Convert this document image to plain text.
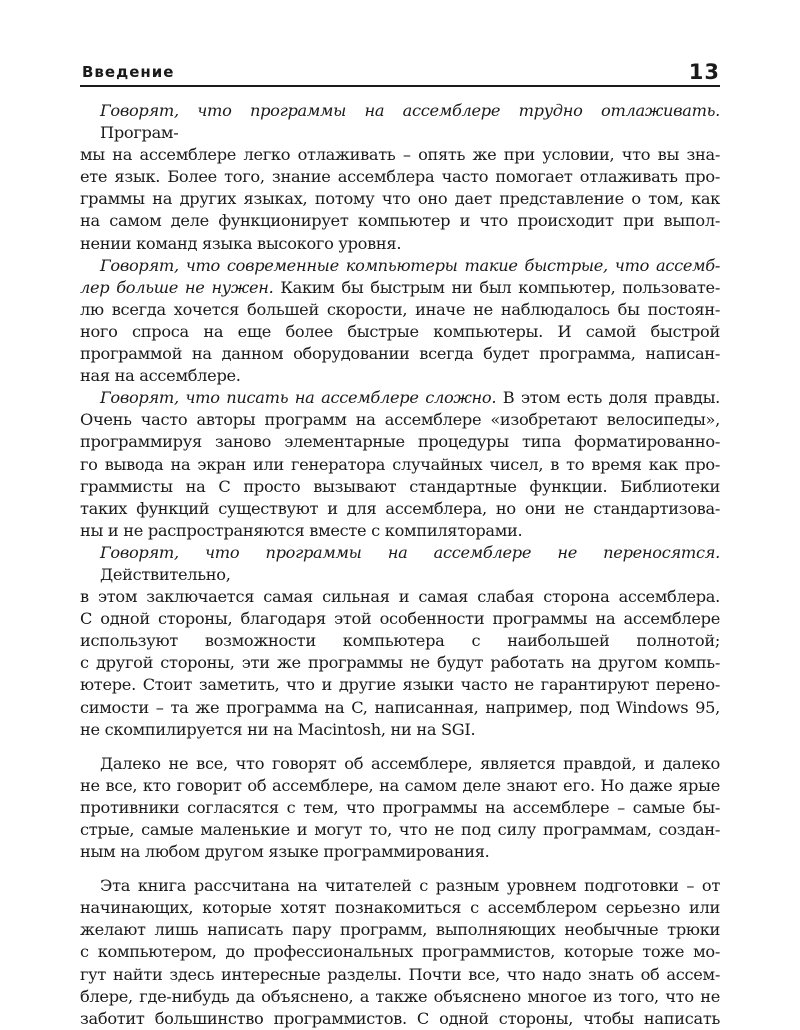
Введение	13

Говорят, что программы на ассемблере трудно отлаживать. Програм-
мы на ассемблере легко отлаживать – опять же при условии, что вы зна-
ете язык. Более того, знание ассемблера часто помогает отлаживать про-
граммы на других языках, потому что оно дает представление о том, как
на самом деле функционирует компьютер и что происходит при выпол-
нении команд языка высокого уровня.

Говорят, что современные компьютеры такие быстрые, что ассемб-
лер больше не нужен. Каким бы быстрым ни был компьютер, пользовате-
лю всегда хочется большей скорости, иначе не наблюдалось бы постоян-
ного спроса на еще более быстрые компьютеры. И самой быстрой
программой на данном оборудовании всегда будет программа, написан-
ная на ассемблере.

Говорят, что писать на ассемблере сложно. В этом есть доля правды.
Очень часто авторы программ на ассемблере «изобретают велосипеды»,
программируя заново элементарные процедуры типа форматированно-
го вывода на экран или генератора случайных чисел, в то время как про-
граммисты на C просто вызывают стандартные функции. Библиотеки
таких функций существуют и для ассемблера, но они не стандартизова-
ны и не распространяются вместе с компиляторами.

Говорят, что программы на ассемблере не переносятся. Действительно,
в этом заключается самая сильная и самая слабая сторона ассемблера.
С одной стороны, благодаря этой особенности программы на ассемблере
используют возможности компьютера с наибольшей полнотой;
с другой стороны, эти же программы не будут работать на другом компь-
ютере. Стоит заметить, что и другие языки часто не гарантируют перено-
симости – та же программа на C, написанная, например, под Windows 95,
не скомпилируется ни на Macintosh, ни на SGI.

Далеко не все, что говорят об ассемблере, является правдой, и далеко
не все, кто говорит об ассемблере, на самом деле знают его. Но даже ярые
противники согласятся с тем, что программы на ассемблере – самые бы-
стрые, самые маленькие и могут то, что не под силу программам, создан-
ным на любом другом языке программирования.

Эта книга рассчитана на читателей с разным уровнем подготовки – от
начинающих, которые хотят познакомиться с ассемблером серьезно или
желают лишь написать пару программ, выполняющих необычные трюки
с компьютером, до профессиональных программистов, которые тоже мо-
гут найти здесь интересные разделы. Почти все, что надо знать об ассем-
блере, где-нибудь да объяснено, а также объяснено многое из того, что не
заботит большинство программистов. С одной стороны, чтобы написать
